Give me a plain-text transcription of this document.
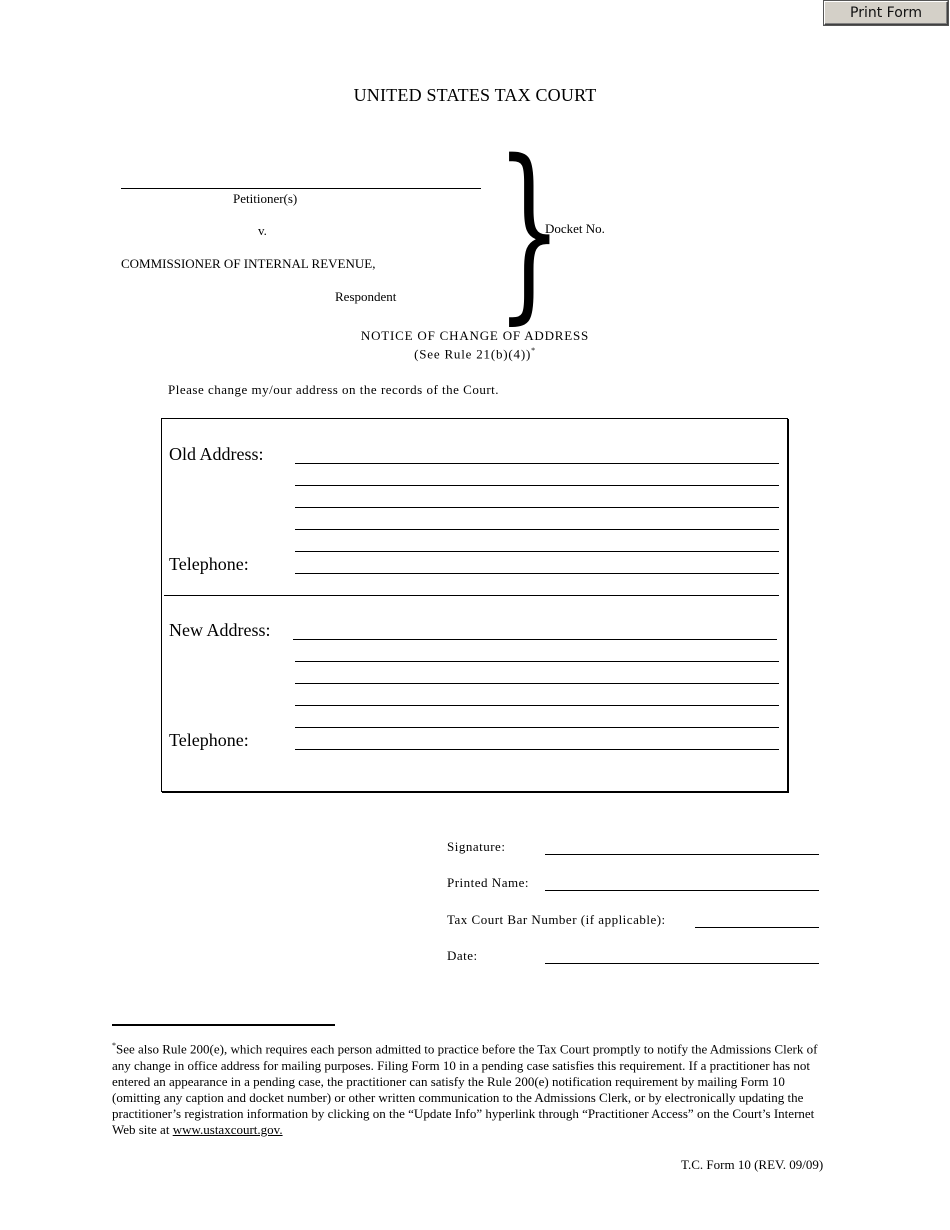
Print Form
UNITED STATES TAX COURT
Petitioner(s)
v.
COMMISSIONER OF INTERNAL REVENUE,
Respondent }
Docket No.
NOTICE OF CHANGE OF ADDRESS
(See Rule 21(b)(4))*
Please change my/our address on the records of the Court.
Old Address:
Telephone:
New Address:
Telephone:
Signature:
Printed Name:
Tax Court Bar Number (if applicable):
Date:
*See also Rule 200(e), which requires each person admitted to practice before the Tax Court promptly to notify the Admissions Clerk of any change in office address for mailing purposes. Filing Form 10 in a pending case satisfies this requirement. If a practitioner has not entered an appearance in a pending case, the practitioner can satisfy the Rule 200(e) notification requirement by mailing Form 10 (omitting any caption and docket number) or other written communication to the Admissions Clerk, or by electronically updating the practitioner’s registration information by clicking on the “Update Info” hyperlink through “Practitioner Access” on the Court’s Internet Web site at www.ustaxcourt.gov.
T.C. Form 10 (REV. 09/09)
